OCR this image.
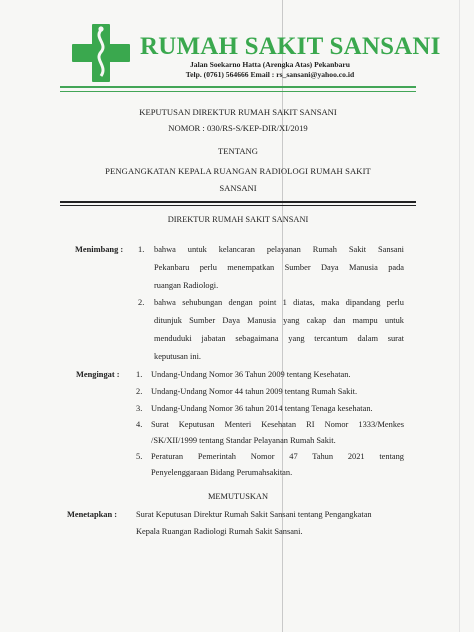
RUMAH SAKIT SANSANI
Jalan Soekarno Hatta (Arengka Atas) Pekanbaru
Telp. (0761) 564666 Email : rs_sansani@yahoo.co.id
KEPUTUSAN DIREKTUR RUMAH SAKIT SANSANI
NOMOR : 030/RS-S/KEP-DIR/XI/2019
TENTANG
PENGANGKATAN KEPALA RUANGAN RADIOLOGI RUMAH SAKIT
SANSANI
DIREKTUR RUMAH SAKIT SANSANI
Menimbang : 1. bahwa untuk kelancaran pelayanan Rumah Sakit Sansani
Pekanbaru perlu menempatkan Sumber Daya Manusia pada
ruangan Radiologi.
2. bahwa sehubungan dengan point 1 diatas, maka dipandang perlu
ditunjuk Sumber Daya Manusia yang cakap dan mampu untuk
menduduki jabatan sebagaimana yang tercantum dalam surat
keputusan ini.
Mengingat : 1. Undang-Undang Nomor 36 Tahun 2009 tentang Kesehatan.
2. Undang-Undang Nomor 44 tahun 2009 tentang Rumah Sakit.
3. Undang-Undang Nomor 36 tahun 2014 tentang Tenaga kesehatan.
4. Surat Keputusan Menteri Kesehatan RI Nomor 1333/Menkes
/SK/XII/1999 tentang Standar Pelayanan Rumah Sakit.
5. Peraturan Pemerintah Nomor 47 Tahun 2021 tentang
Penyelenggaraan Bidang Perumahsakitan.
MEMUTUSKAN
Menetapkan : Surat Keputusan Direktur Rumah Sakit Sansani tentang Pengangkatan
Kepala Ruangan Radiologi Rumah Sakit Sansani.
